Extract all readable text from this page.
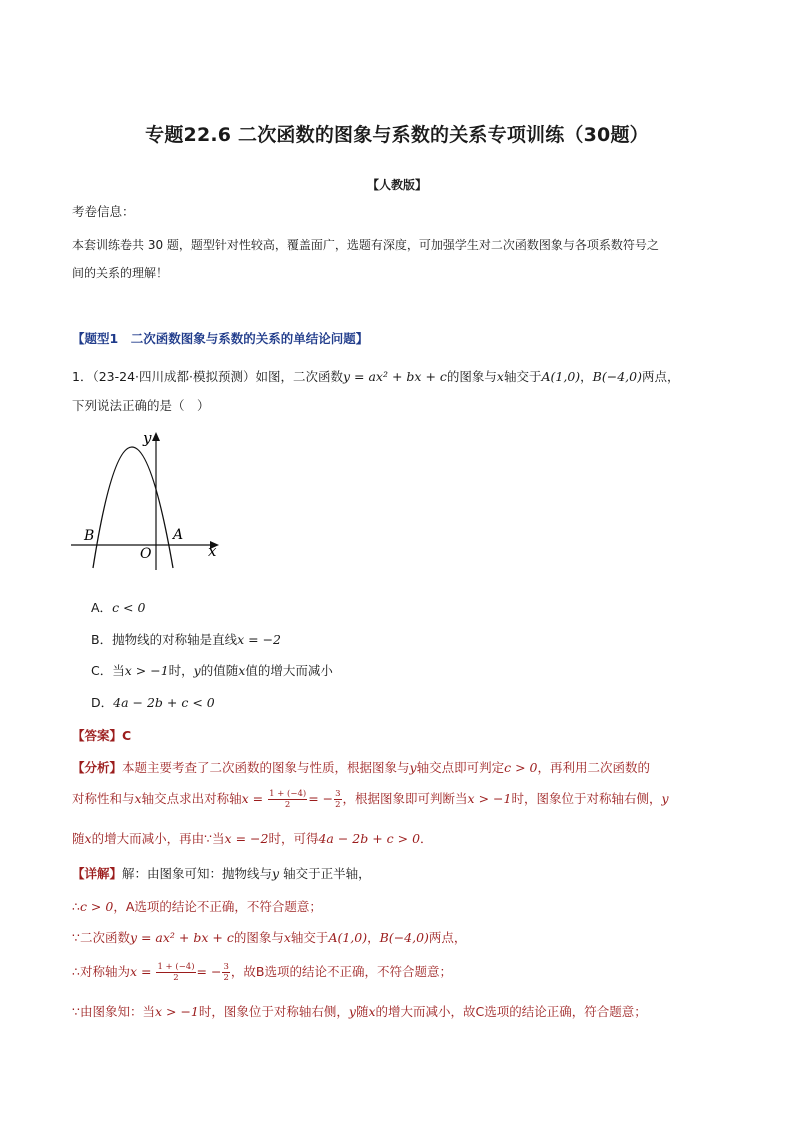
专题22.6 二次函数的图象与系数的关系专项训练（30题）
【人教版】
考卷信息：
本套训练卷共 30 题，题型针对性较高，覆盖面广，选题有深度，可加强学生对二次函数图象与各项系数符号之
间的关系的理解！
【题型1　二次函数图象与系数的关系的单结论问题】
1．（23-24·四川成都·模拟预测）如图，二次函数y = ax² + bx + c的图象与x轴交于A(1,0)，B(−4,0)两点，
下列说法正确的是（　）
y
x
O
A
B
A．c < 0
B．抛物线的对称轴是直线x = −2
C．当x > −1时，y的值随x值的增大而减小
D．4a − 2b + c < 0
【答案】C
【分析】本题主要考查了二次函数的图象与性质，根据图象与y轴交点即可判定c > 0，再利用二次函数的
对称性和与x轴交点求出对称轴$x = \frac{1 + (-4)}{2}$ = − $\frac{3}{2}$ ，根据图象即可判断当x > −1时，图象位于对称轴右侧，y
随x的增大而减小，再由∵当x = −2时，可得4a − 2b + c > 0．
【详解】解：由图象可知：抛物线与y 轴交于正半轴，
∴c > 0，A选项的结论不正确，不符合题意；
∵二次函数y = ax² + bx + c的图象与x轴交于A(1,0)，B(−4,0)两点，
∴对称轴为$x = \frac{1 + (-4)}{2}$ = − $\frac{3}{2}$ ，故B选项的结论不正确，不符合题意；
∵由图象知：当x > −1时，图象位于对称轴右侧，y随x的增大而减小，故C选项的结论正确，符合题意；
